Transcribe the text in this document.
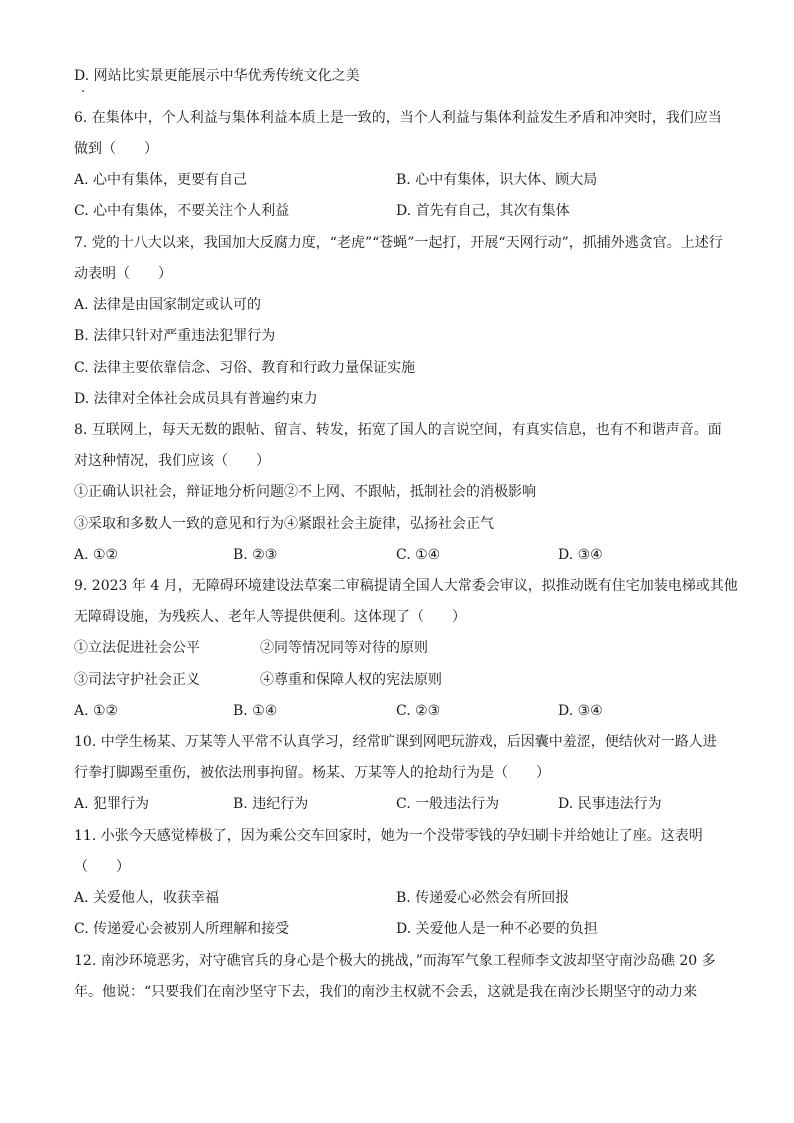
D. 网站比实景更能展示中华优秀传统文化之美
6. 在集体中，个人利益与集体利益本质上是一致的，当个人利益与集体利益发生矛盾和冲突时，我们应当
做到（　　）
A. 心中有集体，更要有自己	B. 心中有集体，识大体、顾大局
C. 心中有集体，不要关注个人利益	D. 首先有自己，其次有集体
7. 党的十八大以来，我国加大反腐力度，“老虎”“苍蝇”一起打，开展“天网行动”，抓捕外逃贪官。上述行
动表明（　　）
A. 法律是由国家制定或认可的
B. 法律只针对严重违法犯罪行为
C. 法律主要依靠信念、习俗、教育和行政力量保证实施
D. 法律对全体社会成员具有普遍约束力
8. 互联网上，每天无数的跟帖、留言、转发，拓宽了国人的言说空间，有真实信息，也有不和谐声音。面
对这种情况，我们应该（　　）
①正确认识社会，辩证地分析问题②不上网、不跟帖，抵制社会的消极影响
③采取和多数人一致的意见和行为④紧跟社会主旋律，弘扬社会正气
A. ①②	B. ②③	C. ①④	D. ③④
9. 2023 年 4 月，无障碍环境建设法草案二审稿提请全国人大常委会审议，拟推动既有住宅加装电梯或其他
无障碍设施，为残疾人、老年人等提供便利。这体现了（　　）
①立法促进社会公平	②同等情况同等对待的原则
③司法守护社会正义	④尊重和保障人权的宪法原则
A. ①②	B. ①④	C. ②③	D. ③④
10. 中学生杨某、万某等人平常不认真学习，经常旷课到网吧玩游戏，后因囊中羞涩，便结伙对一路人进
行拳打脚踢至重伤，被依法刑事拘留。杨某、万某等人的抢劫行为是（　　）
A. 犯罪行为	B. 违纪行为	C. 一般违法行为	D. 民事违法行为
11. 小张今天感觉棒极了，因为乘公交车回家时，她为一个没带零钱的孕妇刷卡并给她让了座。这表明
（　　）
A. 关爱他人，收获幸福	B. 传递爱心必然会有所回报
C. 传递爱心会被别人所理解和接受	D. 关爱他人是一种不必要的负担
12. 南沙环境恶劣，对守礁官兵的身心是个极大的挑战，”而海军气象工程师李文波却坚守南沙岛礁 20 多
年。他说：“只要我们在南沙坚守下去，我们的南沙主权就不会丢，这就是我在南沙长期坚守的动力来
